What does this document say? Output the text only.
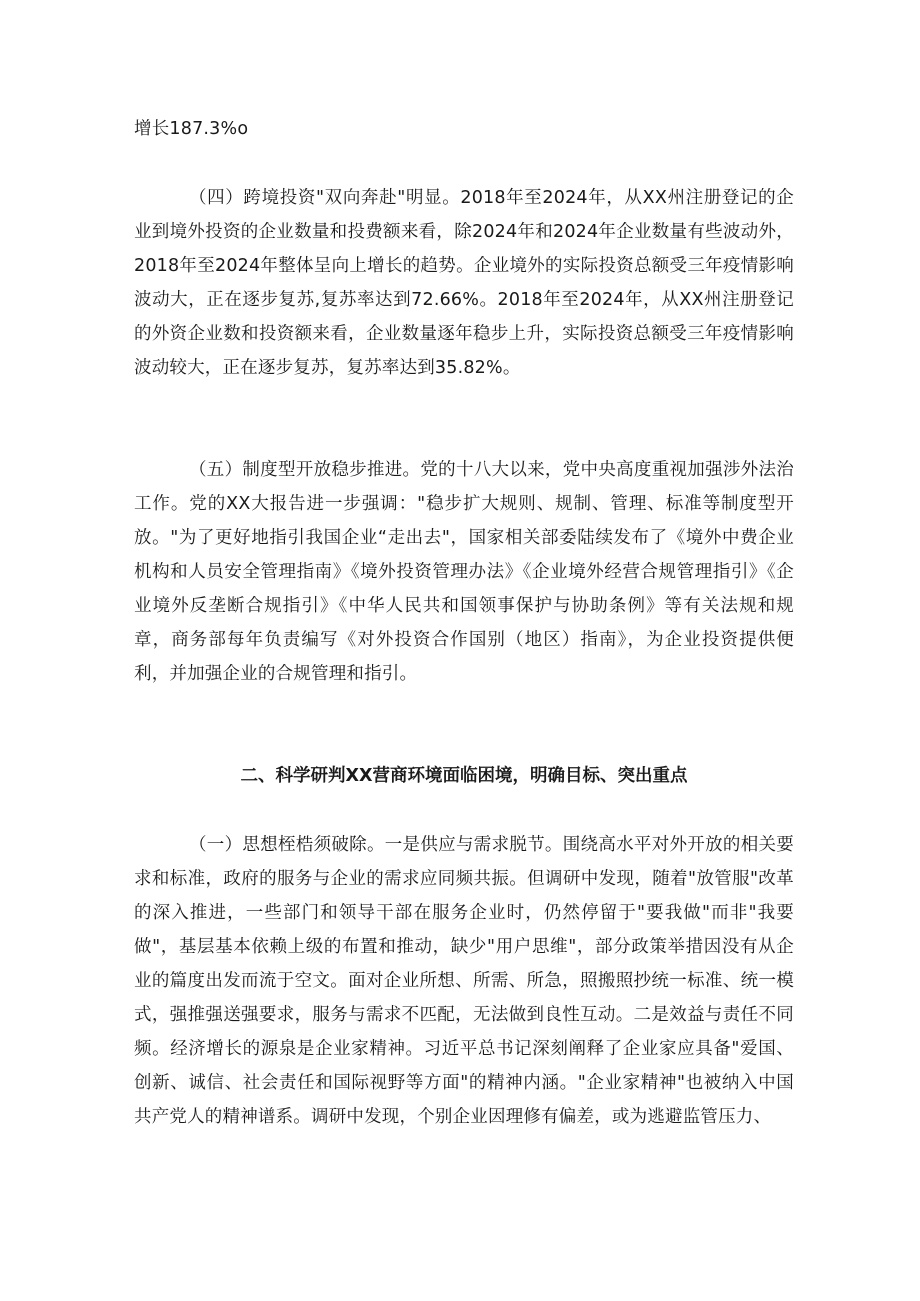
增长187.3%o

（四）跨境投资"双向奔赴"明显。2018年至2024年，从XX州注册登记的企业到境外投资的企业数量和投费额来看，除2024年和2024年企业数量有些波动外，2018年至2024年整体呈向上增长的趋势。企业境外的实际投资总额受三年疫情影响波动大，正在逐步复苏,复苏率达到72.66%。2018年至2024年，从XX州注册登记的外资企业数和投资额来看，企业数量逐年稳步上升，实际投资总额受三年疫情影响波动较大，正在逐步复苏，复苏率达到35.82%。

（五）制度型开放稳步推进。党的十八大以来，党中央高度重视加强涉外法治工作。党的XX大报告进一步强调："稳步扩大规则、规制、管理、标准等制度型开放。"为了更好地指引我国企业“走出去"，国家相关部委陆续发布了《境外中费企业机构和人员安全管理指南》《境外投资管理办法》《企业境外经营合规管理指引》《企业境外反垄断合规指引》《中华人民共和国领事保护与协助条例》等有关法规和规章，商务部每年负责编写《对外投资合作国别（地区）指南》，为企业投资提供便利，并加强企业的合规管理和指引。

二、科学研判XX营商环境面临困境，明确目标、突出重点

（一）思想桎梏须破除。一是供应与需求脱节。围绕高水平对外开放的相关要求和标准，政府的服务与企业的需求应同频共振。但调研中发现，随着"放管服"改革的深入推进，一些部门和领导干部在服务企业时，仍然停留于"要我做"而非"我要做"，基层基本依赖上级的布置和推动，缺少"用户思维"，部分政策举措因没有从企业的篇度出发而流于空文。面对企业所想、所需、所急，照搬照抄统一标准、统一模式，强推强送强要求，服务与需求不匹配，无法做到良性互动。二是效益与责任不同频。经济增长的源泉是企业家精神。习近平总书记深刻阐释了企业家应具备"爱国、创新、诚信、社会责任和国际视野等方面"的精神内涵。"企业家精神"也被纳入中国共产党人的精神谱系。调研中发现，个别企业因理修有偏差，或为逃避监管压力、
